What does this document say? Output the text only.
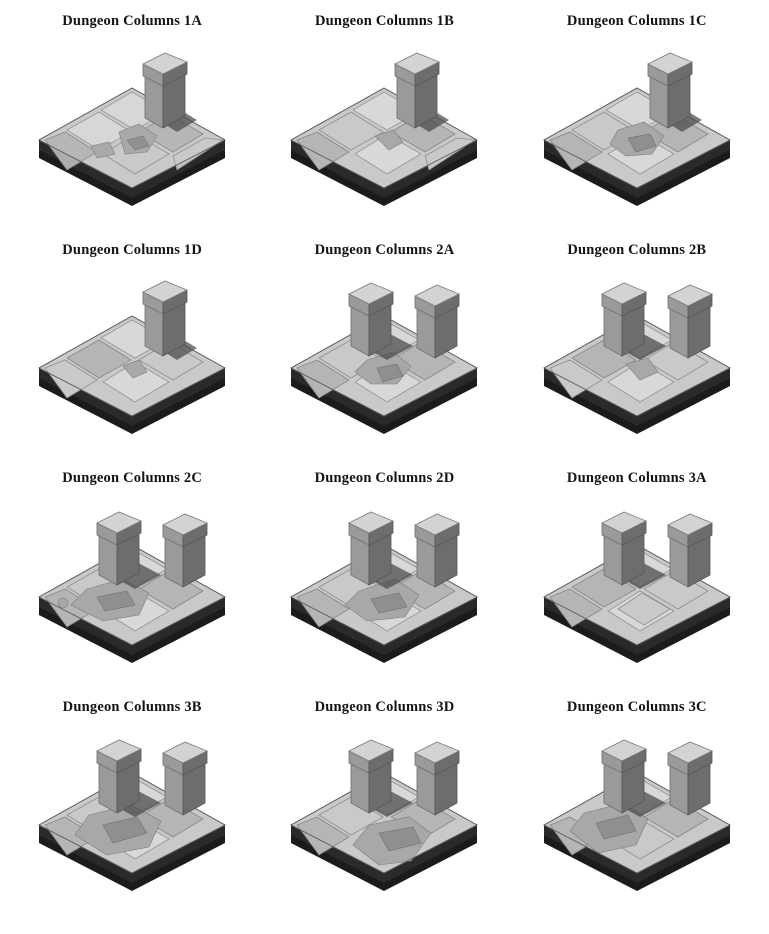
Dungeon Columns 1A	Dungeon Columns 1B	Dungeon Columns 1C
Dungeon Columns 1D	Dungeon Columns 2A	Dungeon Columns 2B
Dungeon Columns 2C	Dungeon Columns 2D	Dungeon Columns 3A
Dungeon Columns 3B	Dungeon Columns 3D	Dungeon Columns 3C
